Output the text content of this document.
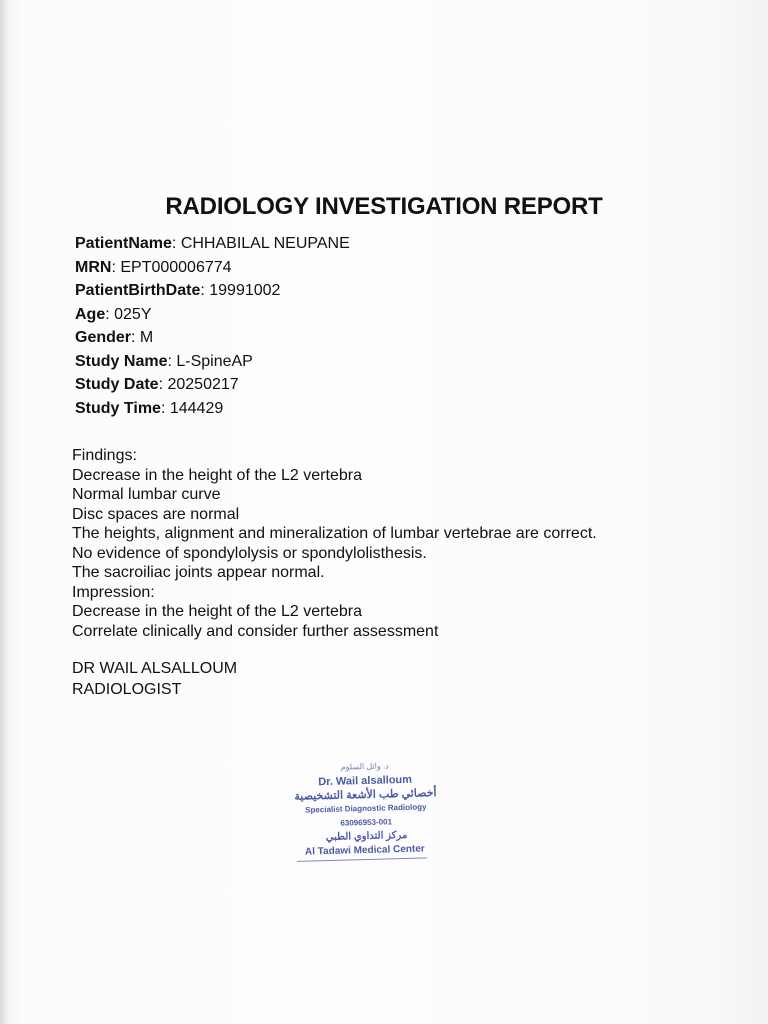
RADIOLOGY INVESTIGATION REPORT
PatientName: CHHABILAL NEUPANE
MRN: EPT000006774
PatientBirthDate: 19991002
Age: 025Y
Gender: M
Study Name: L-SpineAP
Study Date: 20250217
Study Time: 144429
Findings:
Decrease in the height of the L2 vertebra
Normal lumbar curve
Disc spaces are normal
The heights, alignment and mineralization of lumbar vertebrae are correct.
No evidence of spondylolysis or spondylolisthesis.
The sacroiliac joints appear normal.
Impression:
Decrease in the height of the L2 vertebra
Correlate clinically and consider further assessment
DR WAIL ALSALLOUM
RADIOLOGIST
د. وائل السلوم
Dr. Wail alsalloum
أخصائي طب الأشعة التشخيصية
Specialist Diagnostic Radiology
63096953-001
مركز التداوي الطبي
Al Tadawi Medical Center
